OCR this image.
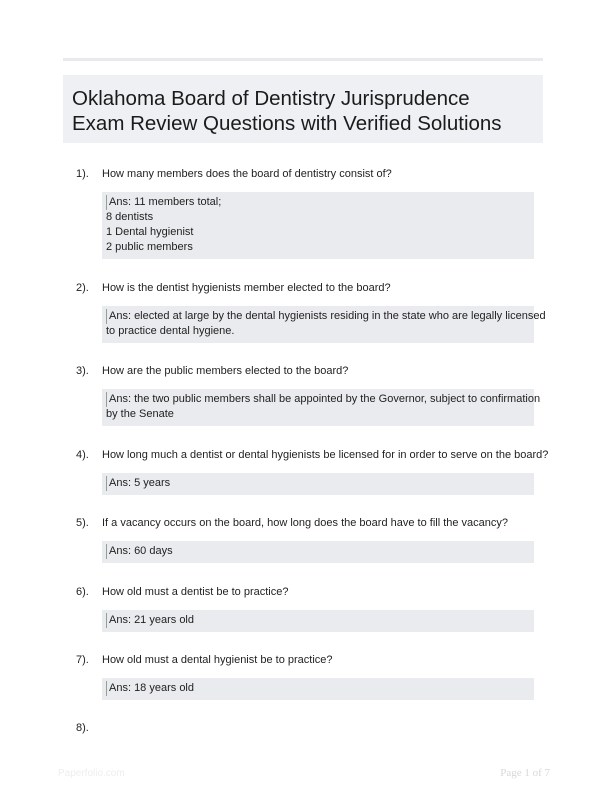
Oklahoma Board of Dentistry Jurisprudence
Exam Review Questions with Verified Solutions
1). How many members does the board of dentistry consist of?
Ans: 11 members total;
8 dentists
1 Dental hygienist
2 public members
2). How is the dentist hygienists member elected to the board?
Ans: elected at large by the dental hygienists residing in the state who are legally licensed
to practice dental hygiene.
3). How are the public members elected to the board?
Ans: the two public members shall be appointed by the Governor, subject to confirmation
by the Senate
4). How long much a dentist or dental hygienists be licensed for in order to serve on the board?
Ans: 5 years
5). If a vacancy occurs on the board, how long does the board have to fill the vacancy?
Ans: 60 days
6). How old must a dentist be to practice?
Ans: 21 years old
7). How old must a dental hygienist be to practice?
Ans: 18 years old
8).
Paperfolio.com	Page 1 of 7
